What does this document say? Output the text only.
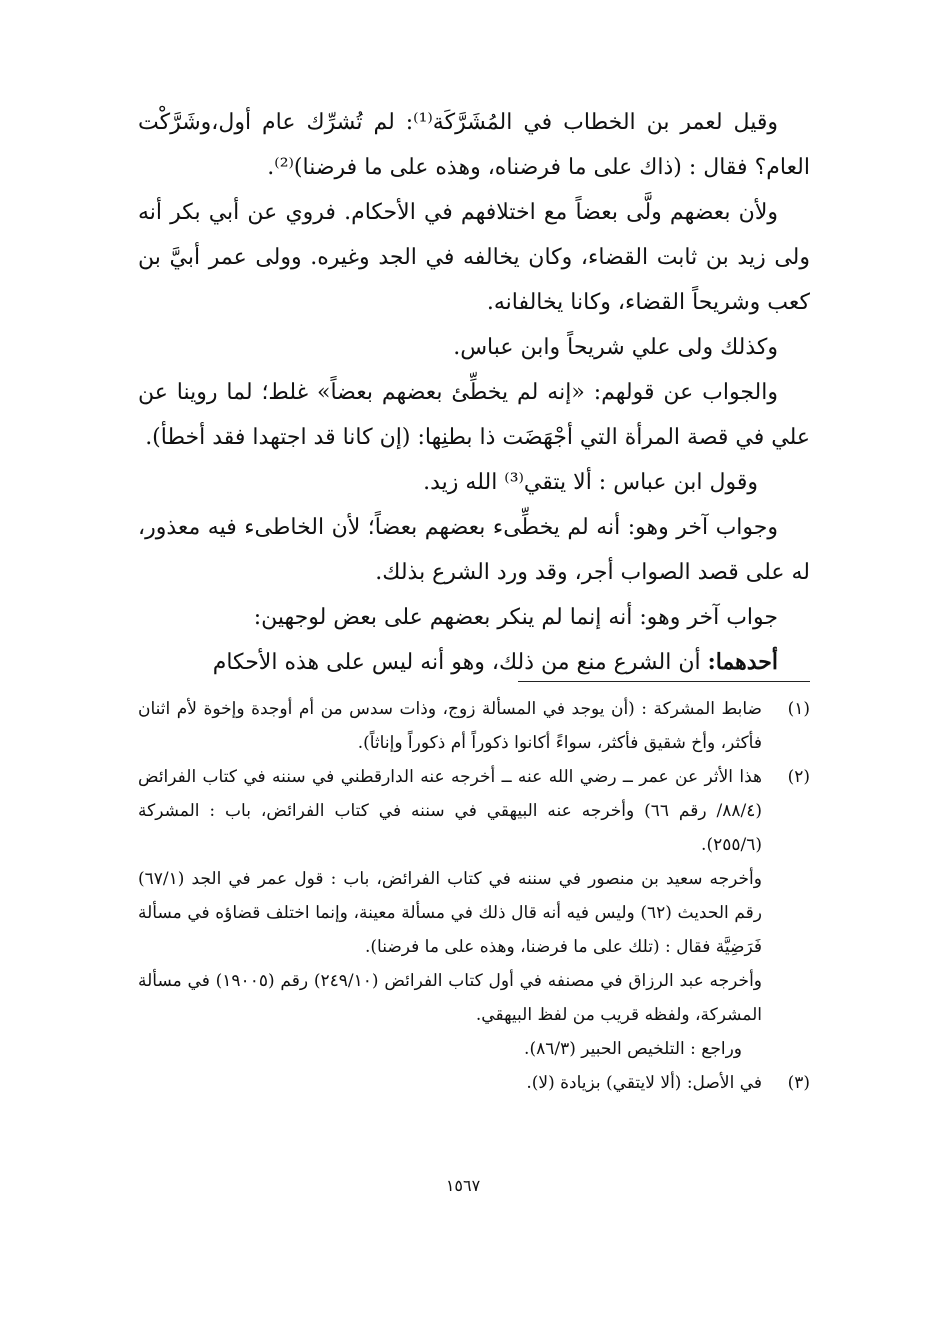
وقيل لعمر بن الخطاب في المُشَرَّكَة⁽¹⁾: لم تُشرِّك عام أول،وشَرَّكْت العام؟ فقال : (ذاك على ما فرضناه، وهذه على ما فرضنا)⁽²⁾.

ولأن بعضهم ولَّى بعضاً مع اختلافهم في الأحكام. فروي عن أبي بكر أنه ولى زيد بن ثابت القضاء، وكان يخالفه في الجد وغيره. وولى عمر أبيَّ بن كعب وشريحاً القضاء، وكانا يخالفانه.

وكذلك ولى علي شريحاً وابن عباس.

والجواب عن قولهم: «إنه لم يخطِّئ بعضهم بعضاً» غلط؛ لما روينا عن علي في قصة المرأة التي أجْهَضَت ذا بطنِها: (إن كانا قد اجتهدا فقد أخطأ).

وقول ابن عباس : ألا يتقي⁽³⁾ الله زيد.

وجواب آخر وهو: أنه لم يخطِّىء بعضهم بعضاً؛ لأن الخاطىء فيه معذور، له على قصد الصواب أجر، وقد ورد الشرع بذلك.

جواب آخر وهو: أنه إنما لم ينكر بعضهم على بعض لوجهين:

أحدهما: أن الشرع منع من ذلك، وهو أنه ليس على هذه الأحكام

(١)

ضابط المشركة : (أن يوجد في المسألة زوج، وذات سدس من أم أوجدة وإخوة لأم اثنان فأكثر، وأخ شقيق فأكثر، سواءً أكانوا ذكوراً أم ذكوراً وإناثاً).

(٢)

هذا الأثر عن عمر ــ رضي الله عنه ــ أخرجه عنه الدارقطني في سننه في كتاب الفرائض (٨٨/٤/ رقم ٦٦) وأخرجه عنه البيهقي في سننه في كتاب الفرائض، باب : المشركة (٢٥٥/٦).

وأخرجه سعيد بن منصور في سننه في كتاب الفرائض، باب : قول عمر في الجد (٦٧/١) رقم الحديث (٦٢) وليس فيه أنه قال ذلك في مسألة معينة، وإنما اختلف قضاؤه في مسألة فَرَضِيَّة فقال : (تلك على ما فرضنا، وهذه على ما فرضنا).

وأخرجه عبد الرزاق في مصنفه في أول كتاب الفرائض (٢٤٩/١٠) رقم (١٩٠٠٥) في مسألة المشركة، ولفظه قريب من لفظ البيهقي.

وراجع : التلخيص الحبير (٨٦/٣).

(٣)

في الأصل: (ألا لايتقي) بزيادة (لا).

١٥٦٧
